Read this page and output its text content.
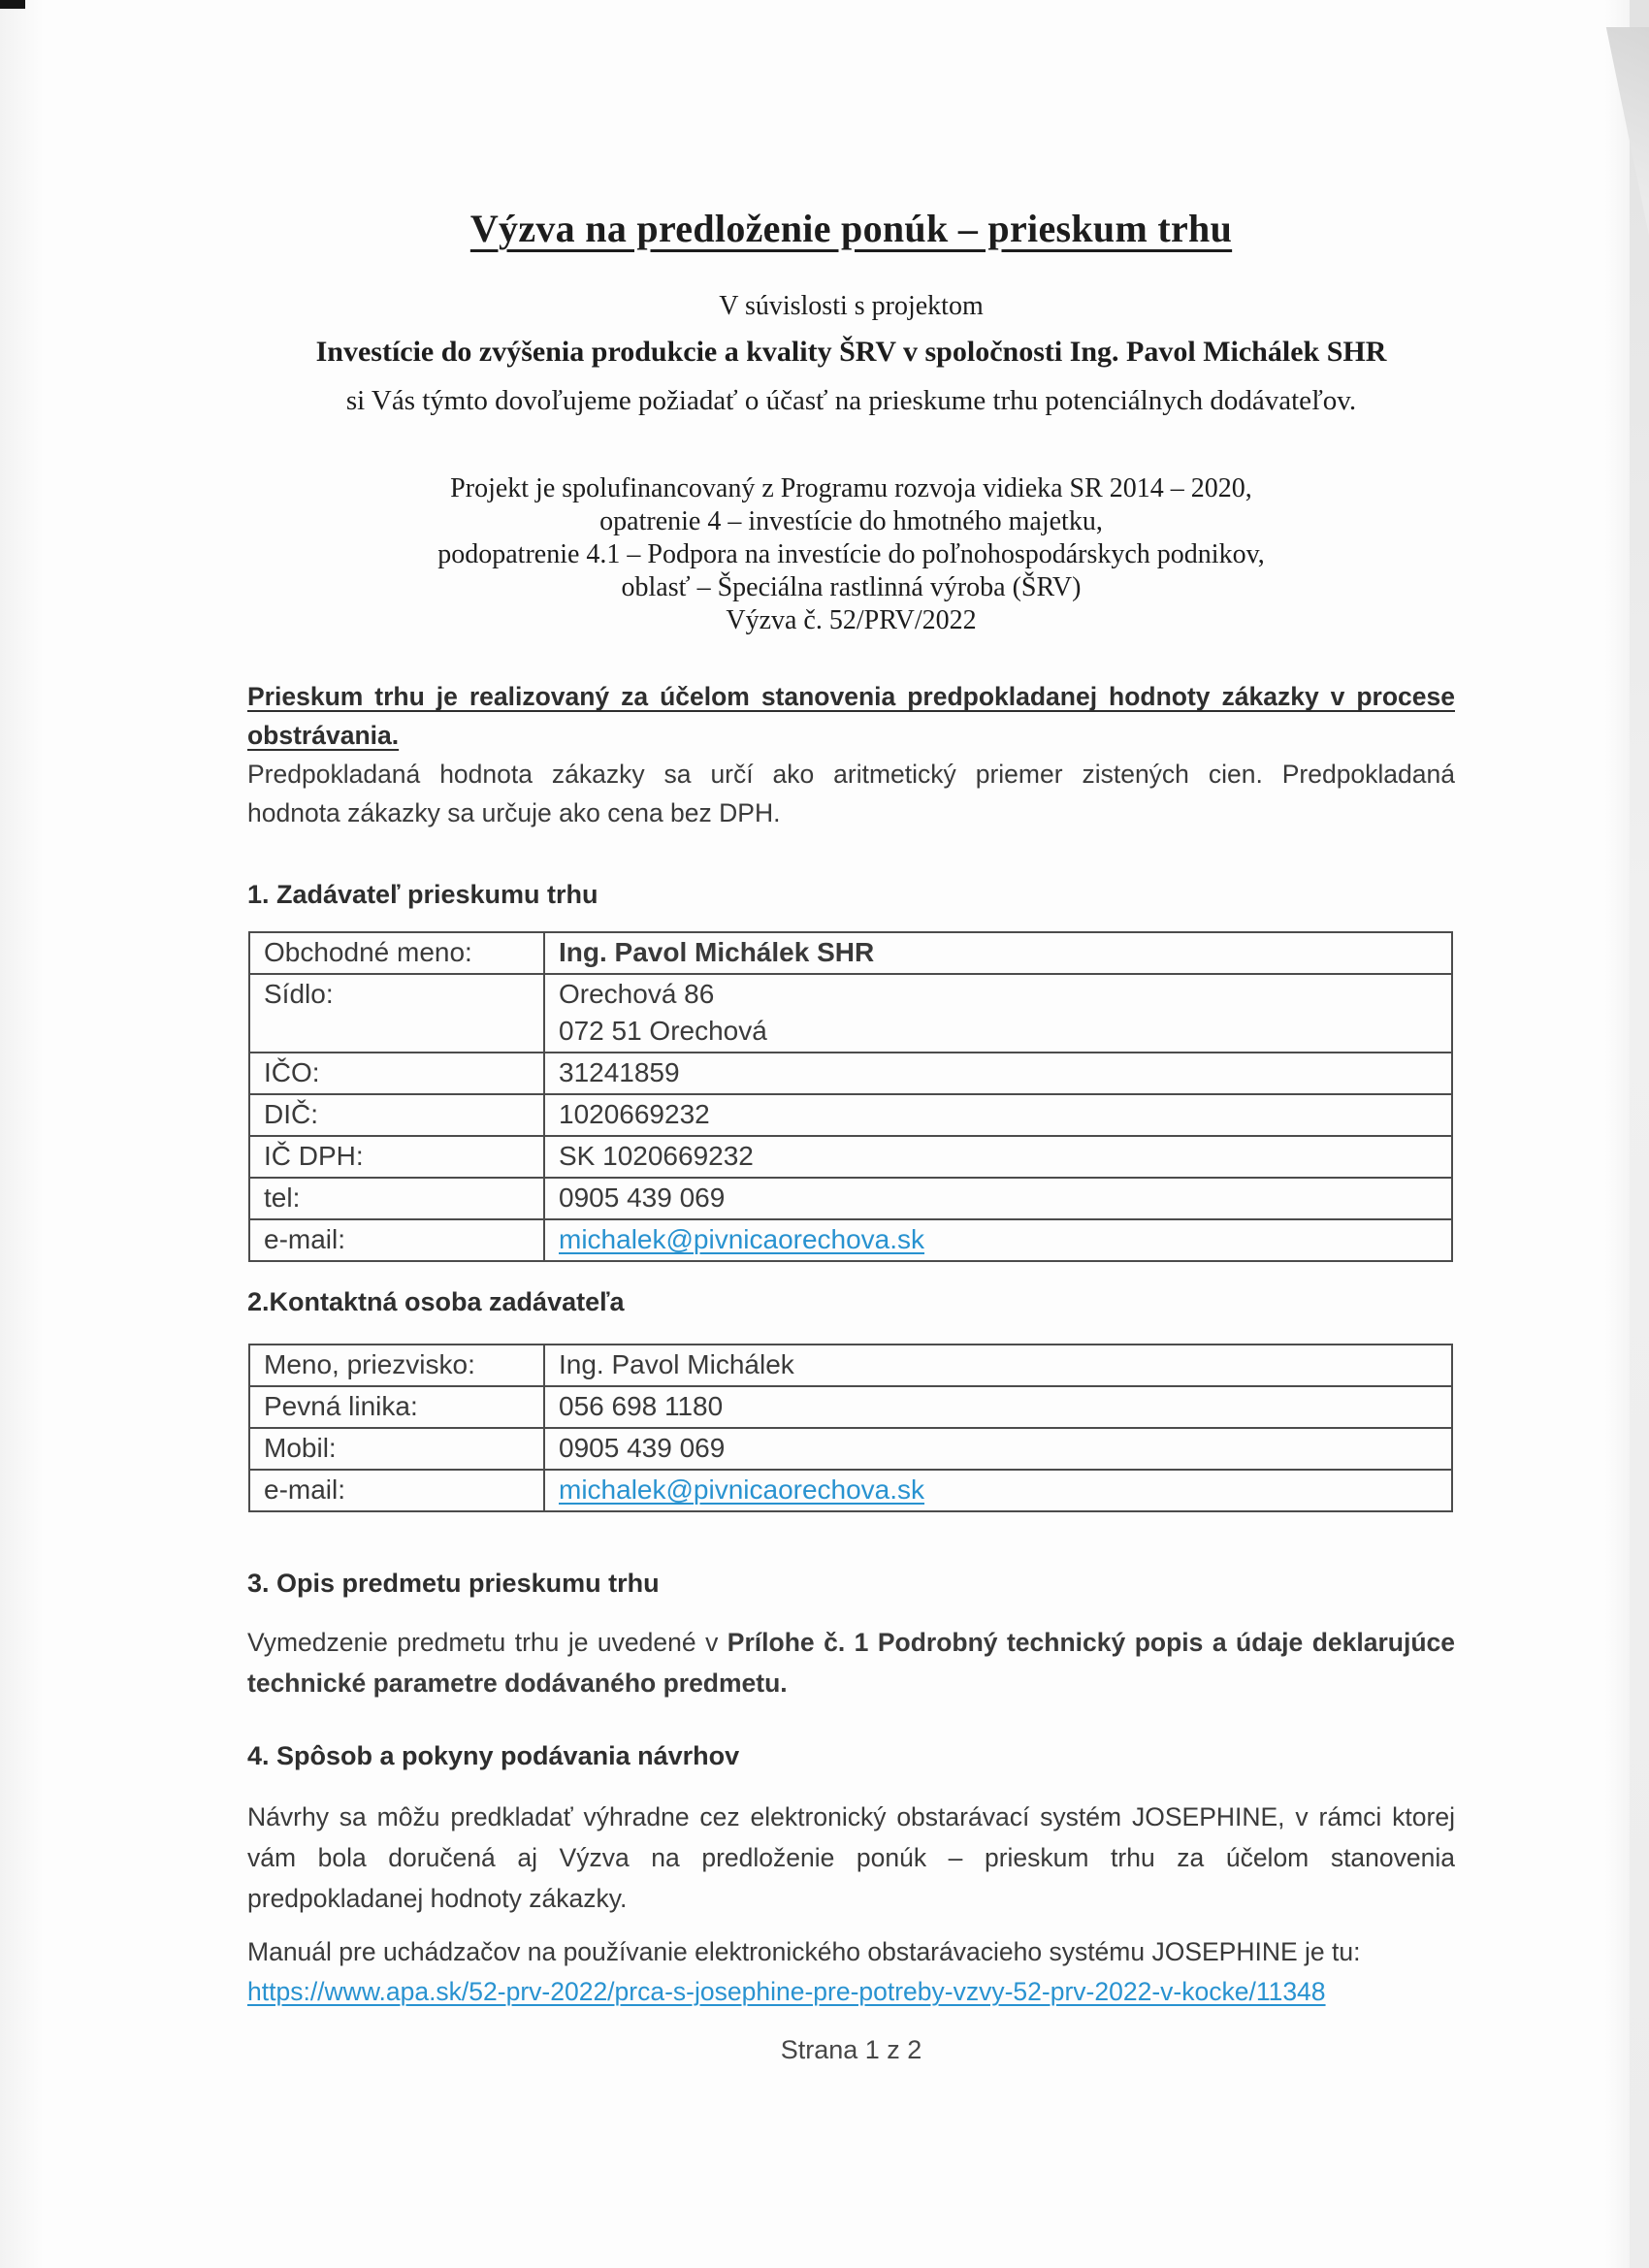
Výzva na predloženie ponúk – prieskum trhu
V súvislosti s projektom
Investície do zvýšenia produkcie a kvality ŠRV v spoločnosti Ing. Pavol Michálek SHR
si Vás týmto dovoľujeme požiadať o účasť na prieskume trhu potenciálnych dodávateľov.
Projekt je spolufinancovaný z Programu rozvoja vidieka SR 2014 – 2020,
opatrenie 4 – investície do hmotného majetku,
podopatrenie 4.1 – Podpora na investície do poľnohospodárskych podnikov,
oblasť – Špeciálna rastlinná výroba (ŠRV)
Výzva č. 52/PRV/2022
Prieskum trhu je realizovaný za účelom stanovenia predpokladanej hodnoty zákazky v procese
obstrávania.
Predpokladaná hodnota zákazky sa určí ako aritmetický priemer zistených cien. Predpokladaná
hodnota zákazky sa určuje ako cena bez DPH.
1. Zadávateľ prieskumu trhu
Obchodné meno:	Ing. Pavol Michálek SHR
Sídlo:	Orechová 86
072 51 Orechová

IČO:	31241859
DIČ:	1020669232
IČ DPH:	SK 1020669232
tel:	0905 439 069
e-mail:	michalek@pivnicaorechova.sk
2.Kontaktná osoba zadávateľa
Meno, priezvisko:	Ing. Pavol Michálek
Pevná linika:	056 698 1180
Mobil:	0905 439 069
e-mail:	michalek@pivnicaorechova.sk
3. Opis predmetu prieskumu trhu
Vymedzenie predmetu trhu je uvedené v Prílohe č. 1 Podrobný technický popis a údaje deklarujúce
technické parametre dodávaného predmetu.
4. Spôsob a pokyny podávania návrhov
Návrhy sa môžu predkladať výhradne cez elektronický obstarávací systém JOSEPHINE, v rámci ktorej
vám bola doručená aj Výzva na predloženie ponúk – prieskum trhu za účelom stanovenia
predpokladanej hodnoty zákazky.
Manuál pre uchádzačov na používanie elektronického obstarávacieho systému JOSEPHINE je tu:
https://www.apa.sk/52-prv-2022/prca-s-josephine-pre-potreby-vzvy-52-prv-2022-v-kocke/11348
Strana 1 z 2
